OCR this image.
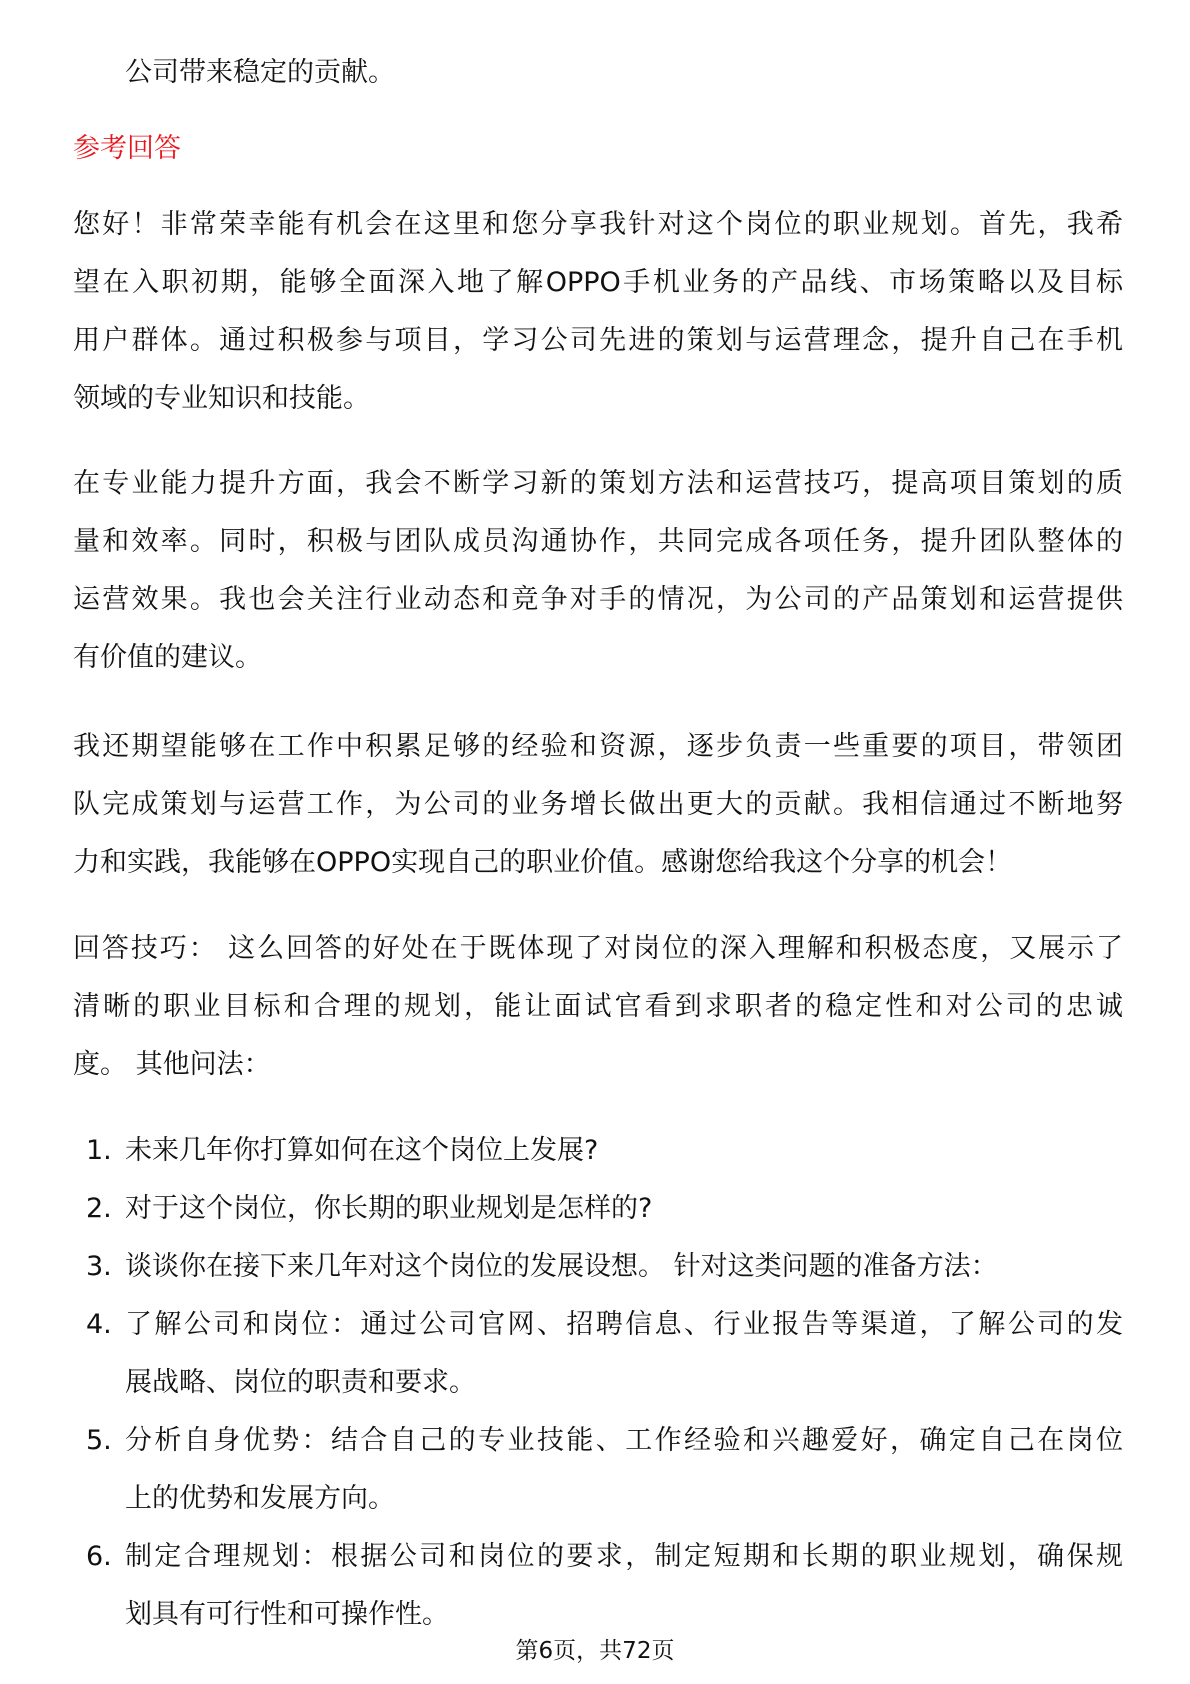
公司带来稳定的贡献。
参考回答
您好！非常荣幸能有机会在这里和您分享我针对这个岗位的职业规划。首先，我希
望在入职初期，能够全面深入地了解OPPO手机业务的产品线、市场策略以及目标
用户群体。通过积极参与项目，学习公司先进的策划与运营理念，提升自己在手机
领域的专业知识和技能。
在专业能力提升方面，我会不断学习新的策划方法和运营技巧，提高项目策划的质
量和效率。同时，积极与团队成员沟通协作，共同完成各项任务，提升团队整体的
运营效果。我也会关注行业动态和竞争对手的情况，为公司的产品策划和运营提供
有价值的建议。
我还期望能够在工作中积累足够的经验和资源，逐步负责一些重要的项目，带领团
队完成策划与运营工作，为公司的业务增长做出更大的贡献。我相信通过不断地努
力和实践，我能够在OPPO实现自己的职业价值。感谢您给我这个分享的机会！
回答技巧： 这么回答的好处在于既体现了对岗位的深入理解和积极态度，又展示了
清晰的职业目标和合理的规划，能让面试官看到求职者的稳定性和对公司的忠诚
度。 其他问法：
1. 未来几年你打算如何在这个岗位上发展?
2. 对于这个岗位，你长期的职业规划是怎样的?
3. 谈谈你在接下来几年对这个岗位的发展设想。 针对这类问题的准备方法：
4. 了解公司和岗位：通过公司官网、招聘信息、行业报告等渠道，了解公司的发
展战略、岗位的职责和要求。
5. 分析自身优势：结合自己的专业技能、工作经验和兴趣爱好，确定自己在岗位
上的优势和发展方向。
6. 制定合理规划：根据公司和岗位的要求，制定短期和长期的职业规划，确保规
划具有可行性和可操作性。
第6页，共72页
